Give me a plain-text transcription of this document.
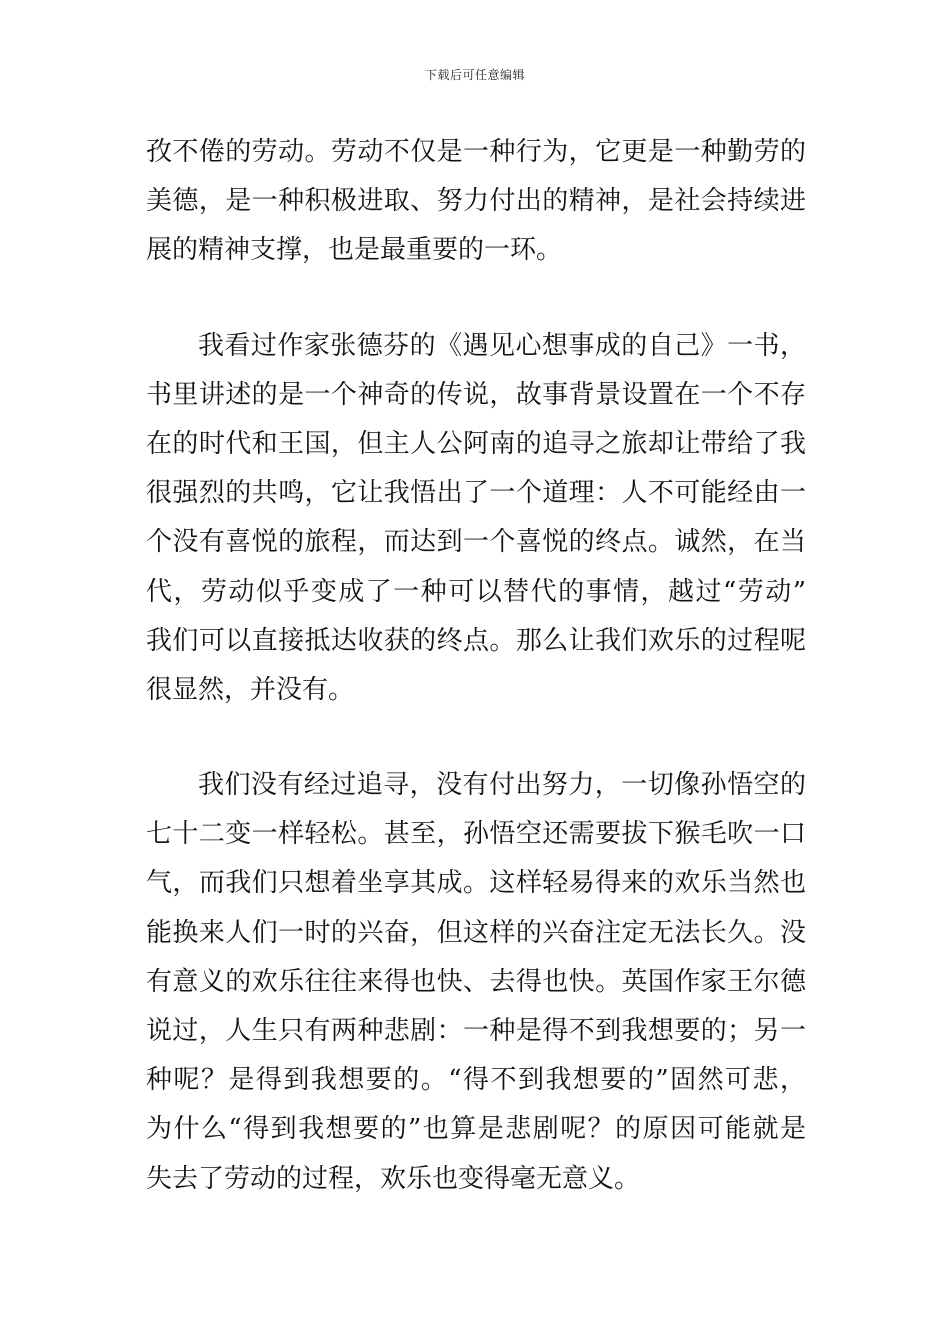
下载后可任意编辑
孜不倦的劳动。劳动不仅是一种行为，它更是一种勤劳的
美德，是一种积极进取、努力付出的精神，是社会持续进
展的精神支撑，也是最重要的一环。
我看过作家张德芬的《遇见心想事成的自己》一书，
书里讲述的是一个神奇的传说，故事背景设置在一个不存
在的时代和王国，但主人公阿南的追寻之旅却让带给了我
很强烈的共鸣，它让我悟出了一个道理：人不可能经由一
个没有喜悦的旅程，而达到一个喜悦的终点。诚然，在当
代，劳动似乎变成了一种可以替代的事情，越过“劳动”
我们可以直接抵达收获的终点。那么让我们欢乐的过程呢
很显然，并没有。
我们没有经过追寻，没有付出努力，一切像孙悟空的
七十二变一样轻松。甚至，孙悟空还需要拔下猴毛吹一口
气，而我们只想着坐享其成。这样轻易得来的欢乐当然也
能换来人们一时的兴奋，但这样的兴奋注定无法长久。没
有意义的欢乐往往来得也快、去得也快。英国作家王尔德
说过，人生只有两种悲剧：一种是得不到我想要的；另一
种呢？是得到我想要的。“得不到我想要的”固然可悲，
为什么“得到我想要的”也算是悲剧呢？的原因可能就是
失去了劳动的过程，欢乐也变得毫无意义。
